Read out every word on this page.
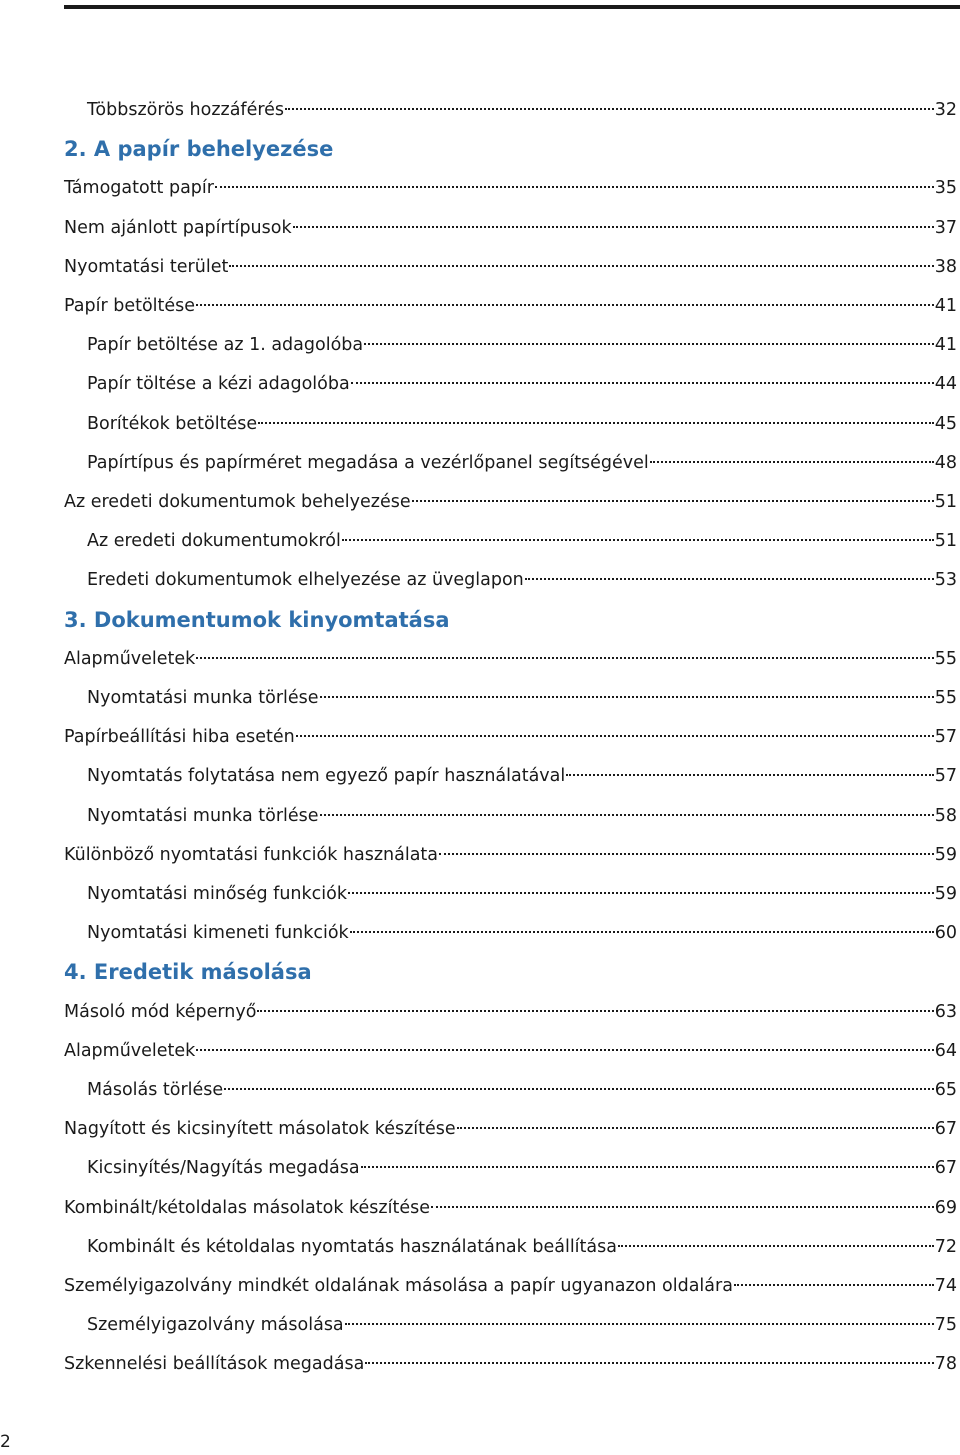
Többszörös hozzáférés	32
2. A papír behelyezése
Támogatott papír	35
Nem ajánlott papírtípusok	37
Nyomtatási terület	38
Papír betöltése	41
Papír betöltése az 1. adagolóba	41
Papír töltése a kézi adagolóba	44
Borítékok betöltése	45
Papírtípus és papírméret megadása a vezérlőpanel segítségével	48
Az eredeti dokumentumok behelyezése	51
Az eredeti dokumentumokról	51
Eredeti dokumentumok elhelyezése az üveglapon	53
3. Dokumentumok kinyomtatása
Alapműveletek	55
Nyomtatási munka törlése	55
Papírbeállítási hiba esetén	57
Nyomtatás folytatása nem egyező papír használatával	57
Nyomtatási munka törlése	58
Különböző nyomtatási funkciók használata	59
Nyomtatási minőség funkciók	59
Nyomtatási kimeneti funkciók	60
4. Eredetik másolása
Másoló mód képernyő	63
Alapműveletek	64
Másolás törlése	65
Nagyított és kicsinyített másolatok készítése	67
Kicsinyítés/Nagyítás megadása	67
Kombinált/kétoldalas másolatok készítése	69
Kombinált és kétoldalas nyomtatás használatának beállítása	72
Személyigazolvány mindkét oldalának másolása a papír ugyanazon oldalára	74
Személyigazolvány másolása	75
Szkennelési beállítások megadása	78
2
